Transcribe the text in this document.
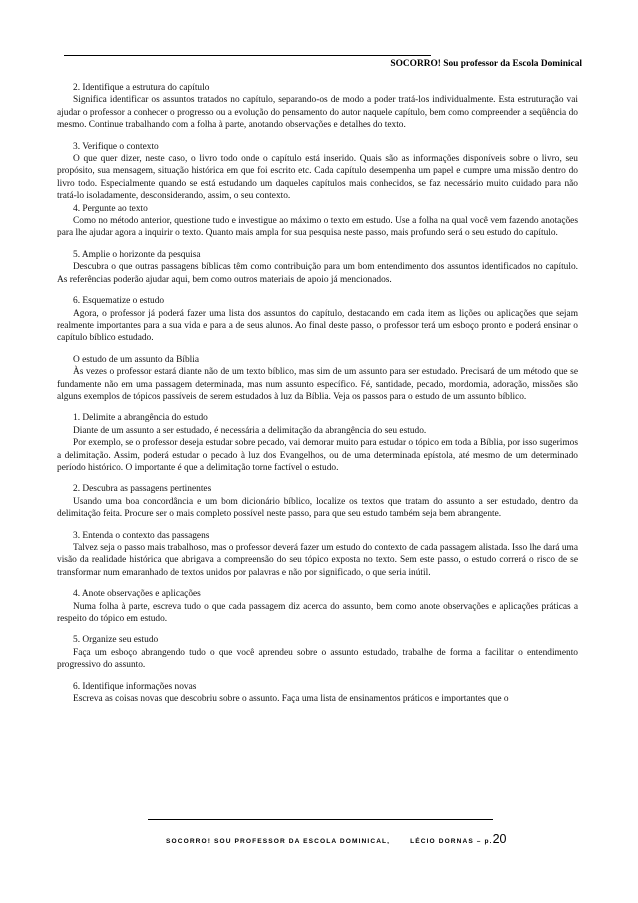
SOCORRO! Sou professor da Escola Dominical

2. Identifique a estrutura do capítulo

Significa identificar os assuntos tratados no capítulo, separando-os de modo a poder tratá-los individualmente. Esta estruturação vai ajudar o professor a conhecer o progresso ou a evolução do pensamento do autor naquele capítulo, bem como compreender a seqüência do mesmo. Continue trabalhando com a folha à parte, anotando observações e detalhes do texto.

3. Verifique o contexto

O que quer dizer, neste caso, o livro todo onde o capítulo está inserido. Quais são as informações disponíveis sobre o livro, seu propósito, sua mensagem, situação histórica em que foi escrito etc. Cada capítulo desempenha um papel e cumpre uma missão dentro do livro todo. Especialmente quando se está estudando um daqueles capítulos mais conhecidos, se faz necessário muito cuidado para não tratá-lo isoladamente, desconsiderando, assim, o seu contexto.

4. Pergunte ao texto

Como no método anterior, questione tudo e investigue ao máximo o texto em estudo. Use a folha na qual você vem fazendo anotações para lhe ajudar agora a inquirir o texto. Quanto mais ampla for sua pesquisa neste passo, mais profundo será o seu estudo do capítulo.

5. Amplie o horizonte da pesquisa

Descubra o que outras passagens bíblicas têm como contribuição para um bom entendimento dos assuntos identificados no capítulo. As referências poderão ajudar aqui, bem como outros materiais de apoio já mencionados.

6. Esquematize o estudo

Agora, o professor já poderá fazer uma lista dos assuntos do capítulo, destacando em cada item as lições ou aplicações que sejam realmente importantes para a sua vida e para a de seus alunos. Ao final deste passo, o professor terá um esboço pronto e poderá ensinar o capítulo bíblico estudado.

O estudo de um assunto da Bíblia

Às vezes o professor estará diante não de um texto bíblico, mas sim de um assunto para ser estudado. Precisará de um método que se fundamente não em uma passagem determinada, mas num assunto específico. Fé, santidade, pecado, mordomia, adoração, missões são alguns exemplos de tópicos passíveis de serem estudados à luz da Bíblia. Veja os passos para o estudo de um assunto bíblico.

1. Delimite a abrangência do estudo

Diante de um assunto a ser estudado, é necessária a delimitação da abrangência do seu estudo.

Por exemplo, se o professor deseja estudar sobre pecado, vai demorar muito para estudar o tópico em toda a Bíblia, por isso sugerimos a delimitação. Assim, poderá estudar o pecado à luz dos Evangelhos, ou de uma determinada epístola, até mesmo de um determinado período histórico. O importante é que a delimitação torne factível o estudo.

2. Descubra as passagens pertinentes

Usando uma boa concordância e um bom dicionário bíblico, localize os textos que tratam do assunto a ser estudado, dentro da delimitação feita. Procure ser o mais completo possível neste passo, para que seu estudo também seja bem abrangente.

3. Entenda o contexto das passagens

Talvez seja o passo mais trabalhoso, mas o professor deverá fazer um estudo do contexto de cada passagem alistada. Isso lhe dará uma visão da realidade histórica que abrigava a compreensão do seu tópico exposta no texto. Sem este passo, o estudo correrá o risco de se transformar num emaranhado de textos unidos por palavras e não por significado, o que seria inútil.

4. Anote observações e aplicações

Numa folha à parte, escreva tudo o que cada passagem diz acerca do assunto, bem como anote observações e aplicações práticas a respeito do tópico em estudo.

5. Organize seu estudo

Faça um esboço abrangendo tudo o que você aprendeu sobre o assunto estudado, trabalhe de forma a facilitar o entendimento progressivo do assunto.

6. Identifique informações novas

Escreva as coisas novas que descobriu sobre o assunto. Faça uma lista de ensinamentos práticos e importantes que o

SOCORRO! SOU PROFESSOR DA ESCOLA DOMINICAL,	LÉCIO DORNAS – p.20
